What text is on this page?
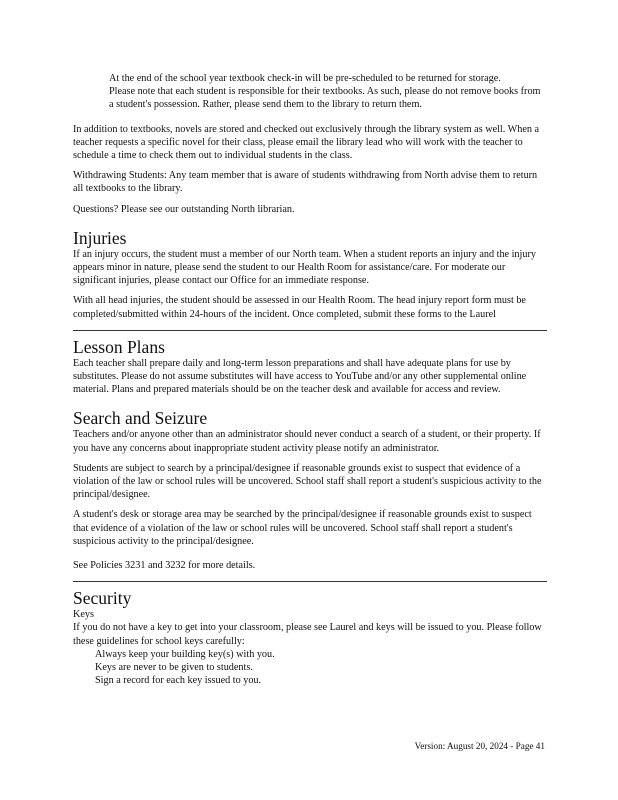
At the end of the school year textbook check-in will be pre-scheduled to be returned for storage.
Please note that each student is responsible for their textbooks. As such, please do not remove books from a student's possession. Rather, please send them to the library to return them.

In addition to textbooks, novels are stored and checked out exclusively through the library system as well. When a teacher requests a specific novel for their class, please email the library lead who will work with the teacher to schedule a time to check them out to individual students in the class.

Withdrawing Students: Any team member that is aware of students withdrawing from North advise them to return all textbooks to the library.

Questions? Please see our outstanding North librarian.

Injuries

If an injury occurs, the student must a member of our North team. When a student reports an injury and the injury appears minor in nature, please send the student to our Health Room for assistance/care. For moderate our significant injuries, please contact our Office for an immediate response.

With all head injuries, the student should be assessed in our Health Room. The head injury report form must be completed/submitted within 24-hours of the incident. Once completed, submit these forms to the Laurel

Lesson Plans

Each teacher shall prepare daily and long-term lesson preparations and shall have adequate plans for use by substitutes. Please do not assume substitutes will have access to YouTube and/or any other supplemental online material. Plans and prepared materials should be on the teacher desk and available for access and review.

Search and Seizure

Teachers and/or anyone other than an administrator should never conduct a search of a student, or their property. If you have any concerns about inappropriate student activity please notify an administrator.

Students are subject to search by a principal/designee if reasonable grounds exist to suspect that evidence of a violation of the law or school rules will be uncovered. School staff shall report a student's suspicious activity to the principal/designee.

A student's desk or storage area may be searched by the principal/designee if reasonable grounds exist to suspect that evidence of a violation of the law or school rules will be uncovered. School staff shall report a student's suspicious activity to the principal/designee.

See Policies 3231 and 3232 for more details.

Security
Keys

If you do not have a key to get into your classroom, please see Laurel and keys will be issued to you. Please follow these guidelines for school keys carefully:

Always keep your building key(s) with you.
Keys are never to be given to students.
Sign a record for each key issued to you.
Version: August 20, 2024 - Page 41
